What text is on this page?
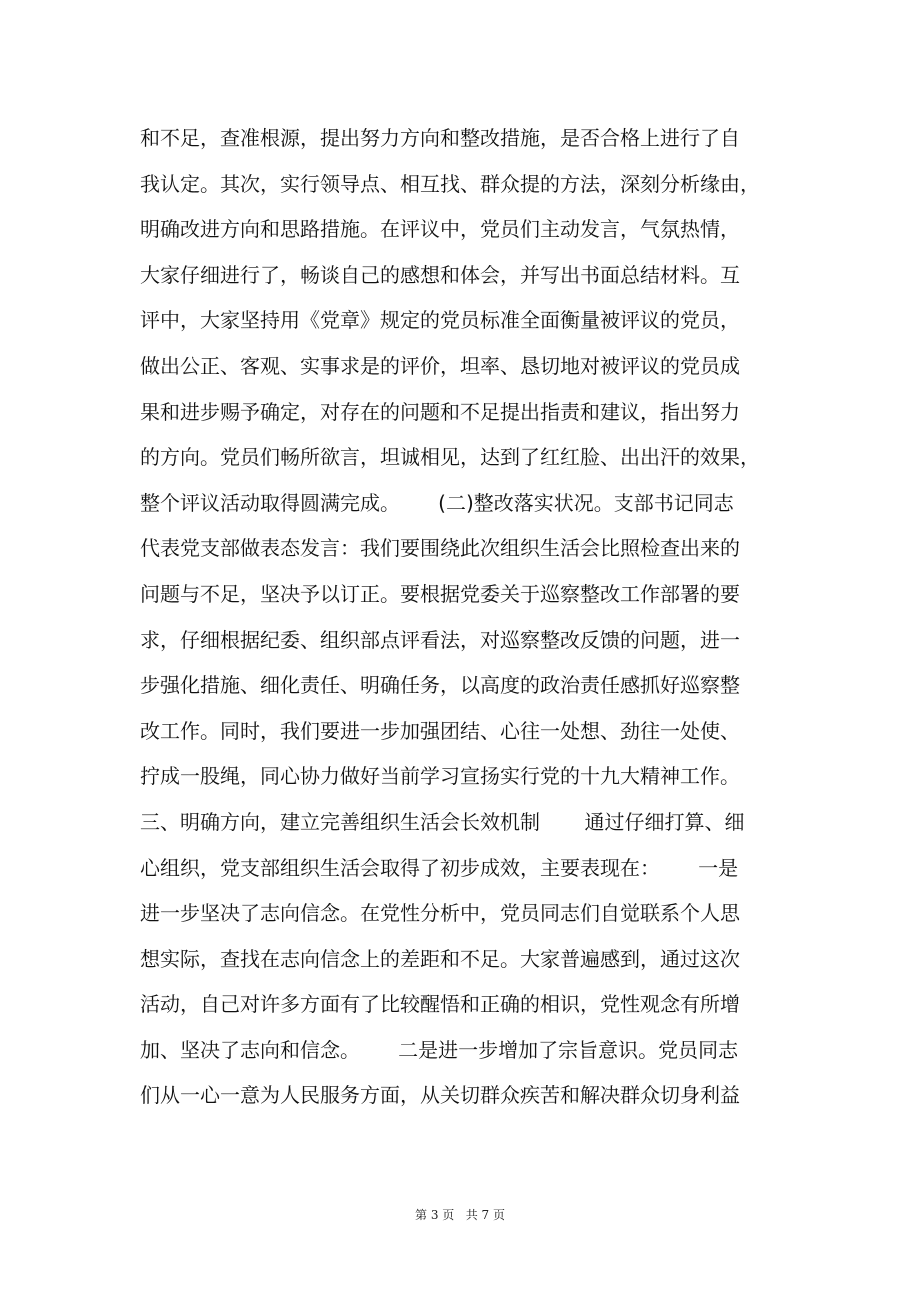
和不足，查准根源，提出努力方向和整改措施，是否合格上进行了自
我认定。其次，实行领导点、相互找、群众提的方法，深刻分析缘由，
明确改进方向和思路措施。在评议中，党员们主动发言，气氛热情，
大家仔细进行了，畅谈自己的感想和体会，并写出书面总结材料。互
评中，大家坚持用《党章》规定的党员标准全面衡量被评议的党员，
做出公正、客观、实事求是的评价，坦率、恳切地对被评议的党员成
果和进步赐予确定，对存在的问题和不足提出指责和建议，指出努力
的方向。党员们畅所欲言，坦诚相见，达到了红红脸、出出汗的效果，
整个评议活动取得圆满完成。      (二)整改落实状况。支部书记同志
代表党支部做表态发言：我们要围绕此次组织生活会比照检查出来的
问题与不足，坚决予以订正。要根据党委关于巡察整改工作部署的要
求，仔细根据纪委、组织部点评看法，对巡察整改反馈的问题，进一
步强化措施、细化责任、明确任务，以高度的政治责任感抓好巡察整
改工作。同时，我们要进一步加强团结、心往一处想、劲往一处使、
拧成一股绳，同心协力做好当前学习宣扬实行党的十九大精神工作。
三、明确方向，建立完善组织生活会长效机制       通过仔细打算、细
心组织，党支部组织生活会取得了初步成效，主要表现在：      一是
进一步坚决了志向信念。在党性分析中，党员同志们自觉联系个人思
想实际，查找在志向信念上的差距和不足。大家普遍感到，通过这次
活动，自己对许多方面有了比较醒悟和正确的相识，党性观念有所增
加、坚决了志向和信念。      二是进一步增加了宗旨意识。党员同志
们从一心一意为人民服务方面，从关切群众疾苦和解决群众切身利益
第 3 页   共 7 页
